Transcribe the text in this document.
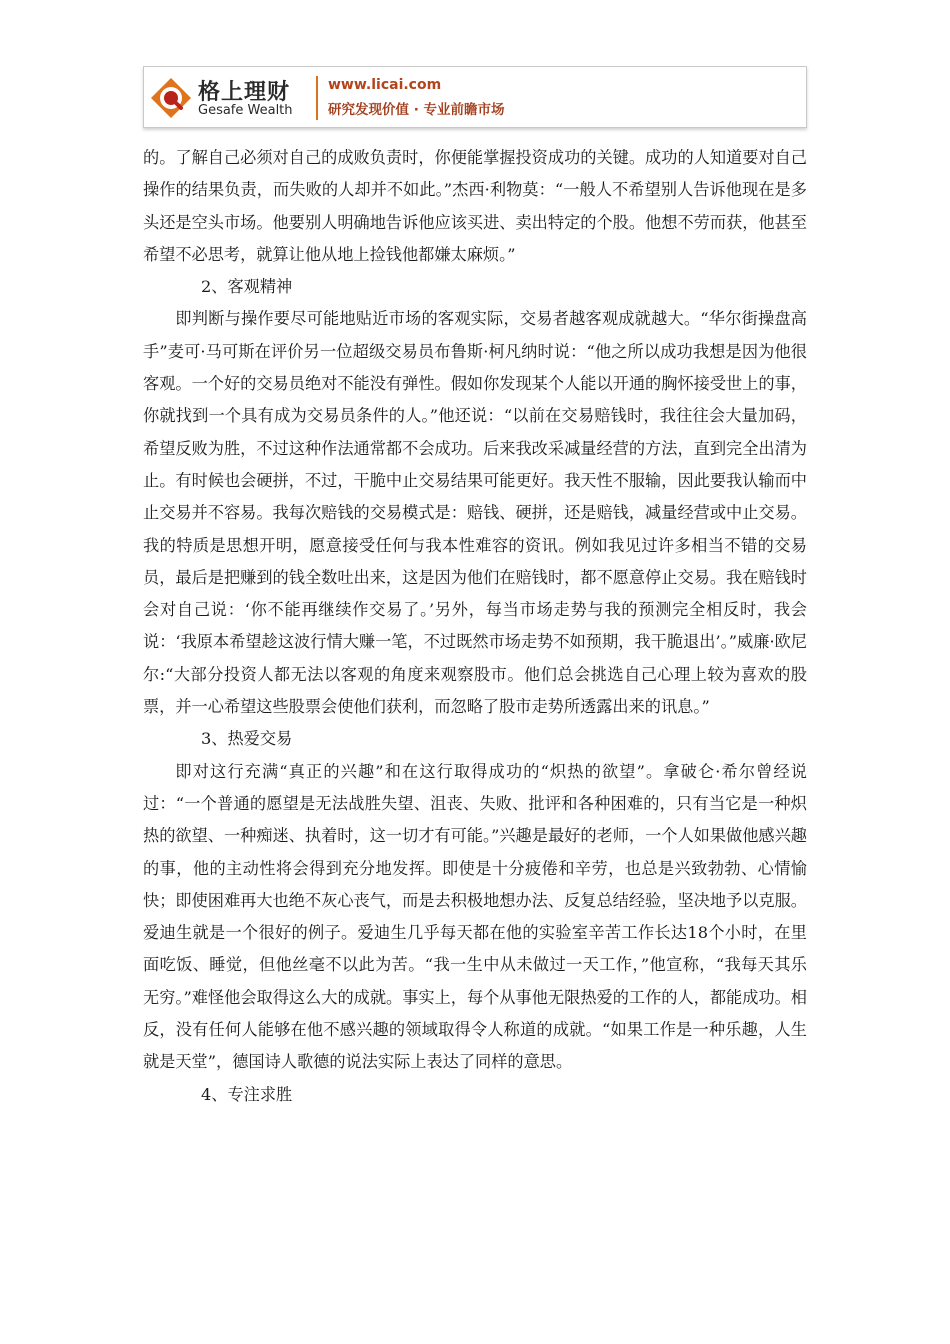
格上理财
Gesafe Wealth
www.licai.com
研究发现价值 · 专业前瞻市场

的。了解自己必须对自己的成败负责时，你便能掌握投资成功的关键。成功的人知道要对自己操作的结果负责，而失败的人却并不如此。”杰西·利物莫：“一般人不希望别人告诉他现在是多头还是空头市场。他要别人明确地告诉他应该买进、卖出特定的个股。他想不劳而获，他甚至希望不必思考，就算让他从地上捡钱他都嫌太麻烦。”

2、客观精神

即判断与操作要尽可能地贴近市场的客观实际，交易者越客观成就越大。“华尔街操盘高手”麦可·马可斯在评价另一位超级交易员布鲁斯·柯凡纳时说：“他之所以成功我想是因为他很客观。一个好的交易员绝对不能没有弹性。假如你发现某个人能以开通的胸怀接受世上的事，你就找到一个具有成为交易员条件的人。”他还说：“以前在交易赔钱时，我往往会大量加码，希望反败为胜，不过这种作法通常都不会成功。后来我改采减量经营的方法，直到完全出清为止。有时候也会硬拼，不过，干脆中止交易结果可能更好。我天性不服输，因此要我认输而中止交易并不容易。我每次赔钱的交易模式是：赔钱、硬拼，还是赔钱，减量经营或中止交易。我的特质是思想开明，愿意接受任何与我本性难容的资讯。例如我见过许多相当不错的交易员，最后是把赚到的钱全数吐出来，这是因为他们在赔钱时，都不愿意停止交易。我在赔钱时会对自己说：‘你不能再继续作交易了。’另外，每当市场走势与我的预测完全相反时，我会说：‘我原本希望趁这波行情大赚一笔，不过既然市场走势不如预期，我干脆退出’。”威廉·欧尼尔:“大部分投资人都无法以客观的角度来观察股市。他们总会挑选自己心理上较为喜欢的股票，并一心希望这些股票会使他们获利，而忽略了股市走势所透露出来的讯息。”

3、热爱交易

即对这行充满“真正的兴趣”和在这行取得成功的“炽热的欲望”。拿破仑·希尔曾经说过：“一个普通的愿望是无法战胜失望、沮丧、失败、批评和各种困难的，只有当它是一种炽热的欲望、一种痴迷、执着时，这一切才有可能。”兴趣是最好的老师，一个人如果做他感兴趣的事，他的主动性将会得到充分地发挥。即使是十分疲倦和辛劳，也总是兴致勃勃、心情愉快；即使困难再大也绝不灰心丧气，而是去积极地想办法、反复总结经验，坚决地予以克服。爱迪生就是一个很好的例子。爱迪生几乎每天都在他的实验室辛苦工作长达18个小时，在里面吃饭、睡觉，但他丝毫不以此为苦。“我一生中从未做过一天工作，”他宣称，“我每天其乐无穷。”难怪他会取得这么大的成就。事实上，每个从事他无限热爱的工作的人，都能成功。相反，没有任何人能够在他不感兴趣的领域取得令人称道的成就。“如果工作是一种乐趣，人生就是天堂”，德国诗人歌德的说法实际上表达了同样的意思。

4、专注求胜
